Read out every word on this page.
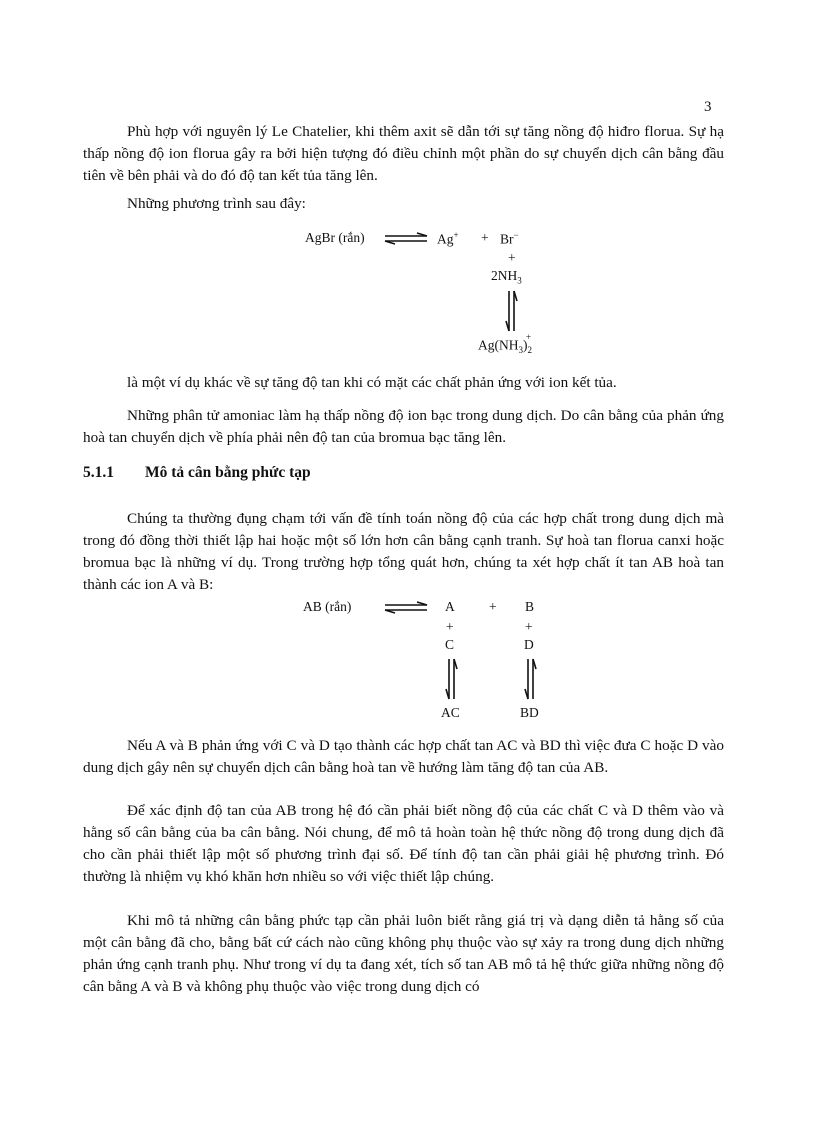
3

Phù hợp với nguyên lý Le Chatelier, khi thêm axit sẽ dẫn tới sự tăng nồng độ hiđro florua. Sự hạ thấp nồng độ ion florua gây ra bởi hiện tượng đó điều chỉnh một phần do sự chuyển dịch cân bằng đầu tiên về bên phải và do đó độ tan kết tủa tăng lên.

Những phương trình sau đây:

AgBr (rắn) ⇌ Ag+ + Br−
+
$2NH_3$
$Ag(NH_3)_2^+$

là một ví dụ khác về sự tăng độ tan khi có mặt các chất phản ứng với ion kết tủa.

Những phân tử amoniac làm hạ thấp nồng độ ion bạc trong dung dịch. Do cân bằng của phản ứng hoà tan chuyển dịch về phía phải nên độ tan của bromua bạc tăng lên.

5.1.1 Mô tả cân bằng phức tạp

Chúng ta thường đụng chạm tới vấn đề tính toán nồng độ của các hợp chất trong dung dịch mà trong đó đồng thời thiết lập hai hoặc một số lớn hơn cân bằng cạnh tranh. Sự hoà tan florua canxi hoặc bromua bạc là những ví dụ. Trong trường hợp tổng quát hơn, chúng ta xét hợp chất ít tan AB hoà tan thành các ion A và B:

AB (rắn) ⇌ A	+ B
+	+
C	D
AC	BD

Nếu A và B phản ứng với C và D tạo thành các hợp chất tan AC và BD thì việc đưa C hoặc D vào dung dịch gây nên sự chuyển dịch cân bằng hoà tan về hướng làm tăng độ tan của AB.

Để xác định độ tan của AB trong hệ đó cần phải biết nồng độ của các chất C và D thêm vào và hằng số cân bằng của ba cân bằng. Nói chung, để mô tả hoàn toàn hệ thức nồng độ trong dung dịch đã cho cần phải thiết lập một số phương trình đại số. Để tính độ tan cần phải giải hệ phương trình. Đó thường là nhiệm vụ khó khăn hơn nhiều so với việc thiết lập chúng.

Khi mô tả những cân bằng phức tạp cần phải luôn biết rằng giá trị và dạng diễn tả hằng số của một cân bằng đã cho, bằng bất cứ cách nào cũng không phụ thuộc vào sự xảy ra trong dung dịch những phản ứng cạnh tranh phụ. Như trong ví dụ ta đang xét, tích số tan AB mô tả hệ thức giữa những nồng độ cân bằng A và B và không phụ thuộc vào việc trong dung dịch có
